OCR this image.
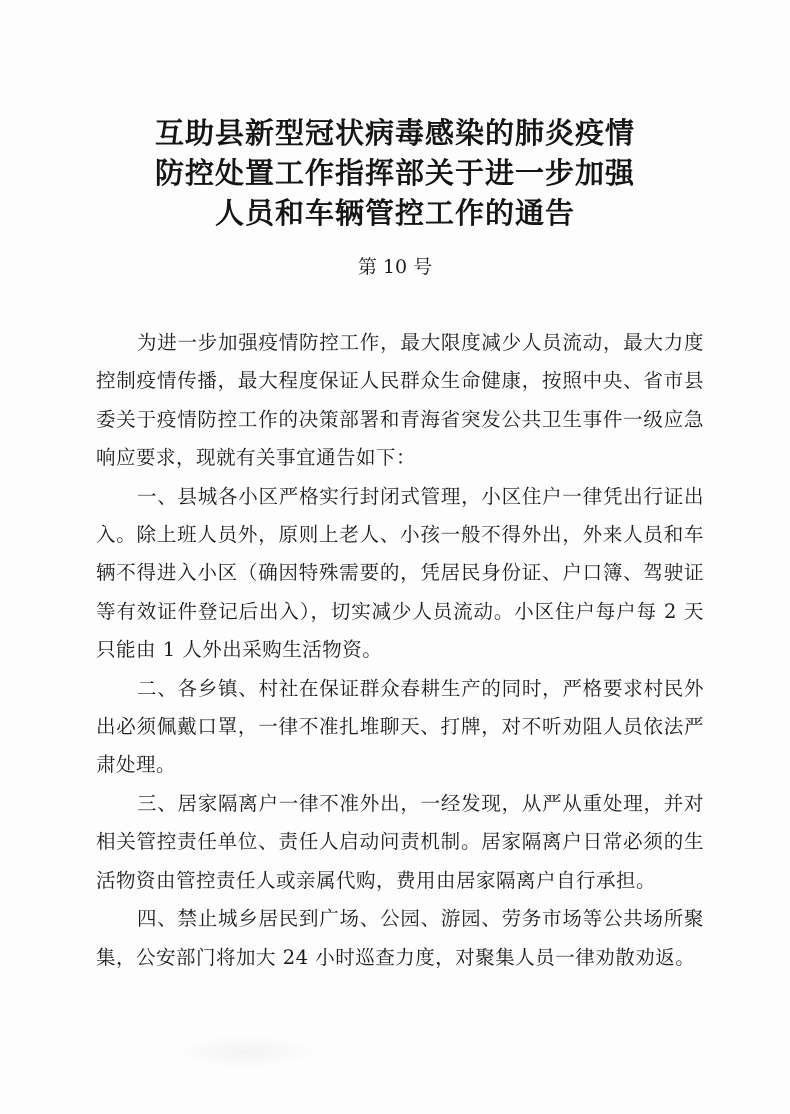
互助县新型冠状病毒感染的肺炎疫情
防控处置工作指挥部关于进一步加强
人员和车辆管控工作的通告
第 10 号

为进一步加强疫情防控工作，最大限度减少人员流动，最大力度控制疫情传播，最大程度保证人民群众生命健康，按照中央、省市县委关于疫情防控工作的决策部署和青海省突发公共卫生事件一级应急响应要求，现就有关事宜通告如下：

一、县城各小区严格实行封闭式管理，小区住户一律凭出行证出入。除上班人员外，原则上老人、小孩一般不得外出，外来人员和车辆不得进入小区（确因特殊需要的，凭居民身份证、户口簿、驾驶证等有效证件登记后出入），切实减少人员流动。小区住户每户每 2 天只能由 1 人外出采购生活物资。

二、各乡镇、村社在保证群众春耕生产的同时，严格要求村民外出必须佩戴口罩，一律不准扎堆聊天、打牌，对不听劝阻人员依法严肃处理。

三、居家隔离户一律不准外出，一经发现，从严从重处理，并对相关管控责任单位、责任人启动问责机制。居家隔离户日常必须的生活物资由管控责任人或亲属代购，费用由居家隔离户自行承担。

四、禁止城乡居民到广场、公园、游园、劳务市场等公共场所聚集，公安部门将加大 24 小时巡查力度，对聚集人员一律劝散劝返。
